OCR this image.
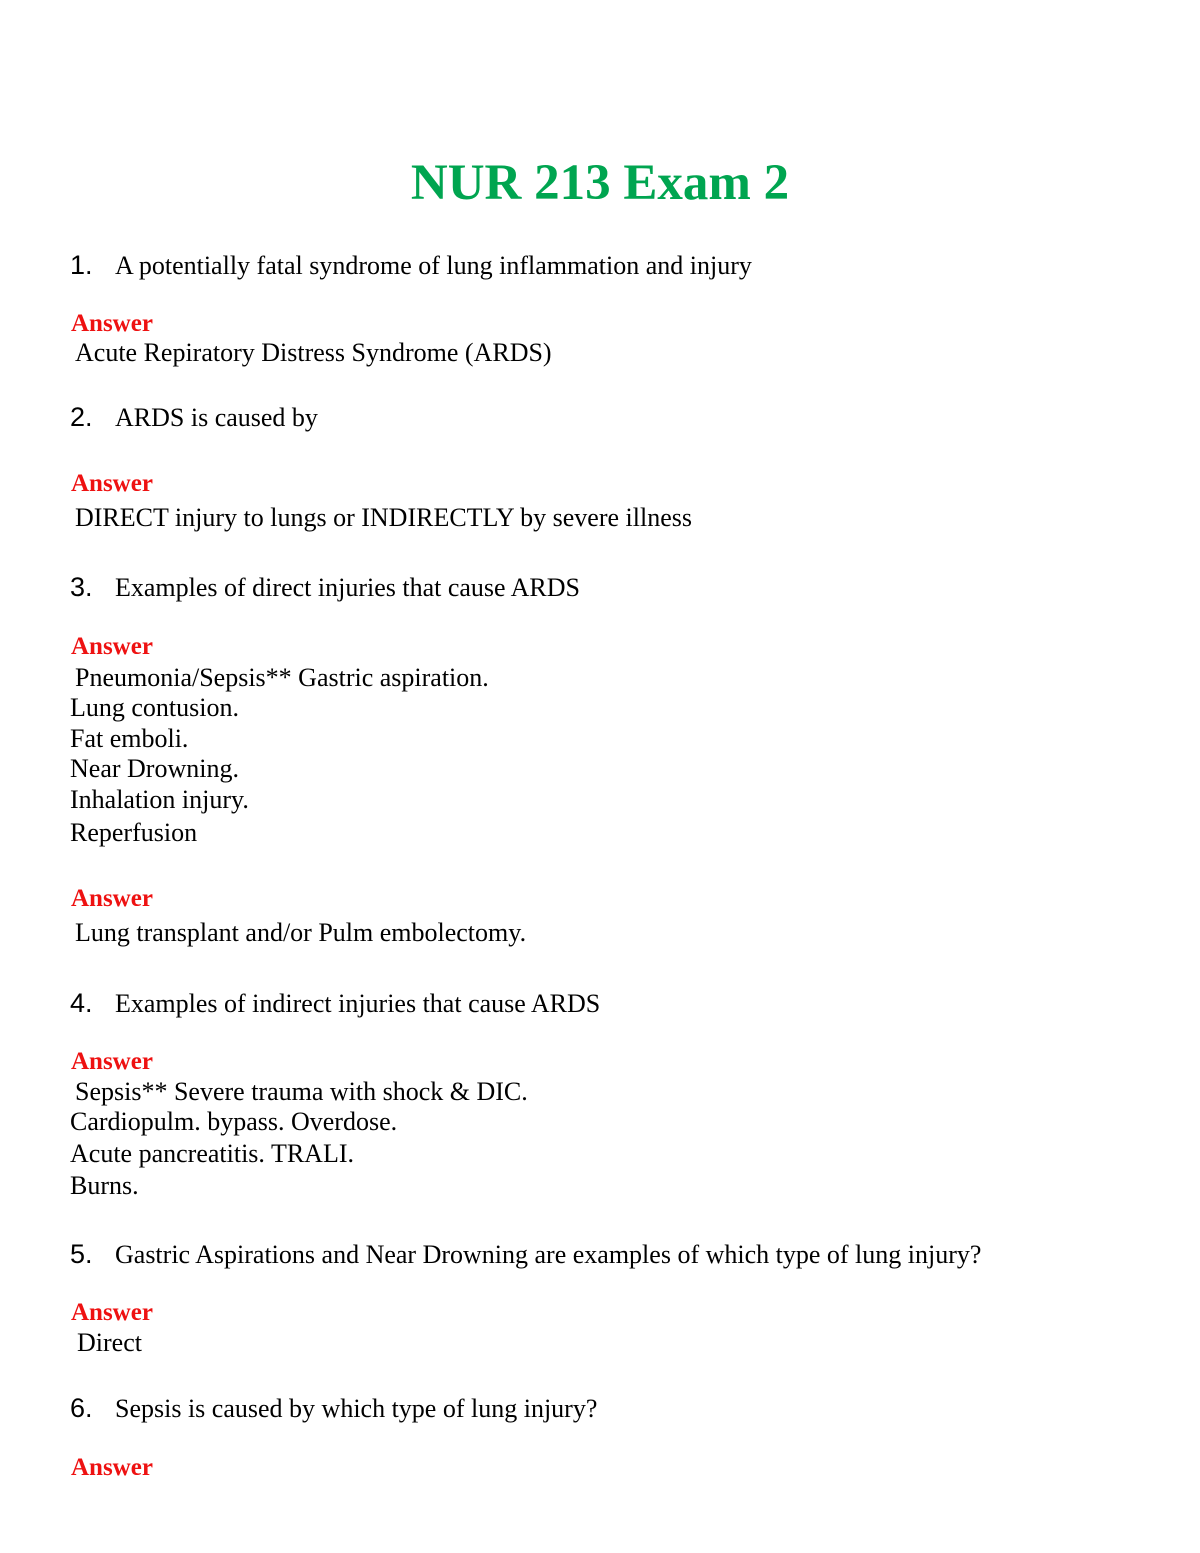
NUR 213 Exam 2
1. A potentially fatal syndrome of lung inflammation and injury
Answer
Acute Repiratory Distress Syndrome (ARDS)
2. ARDS is caused by
Answer
DIRECT injury to lungs or INDIRECTLY by severe illness
3. Examples of direct injuries that cause ARDS
Answer
Pneumonia/Sepsis** Gastric aspiration.
Lung contusion.
Fat emboli.
Near Drowning.
Inhalation injury.
Reperfusion
Answer
Lung transplant and/or Pulm embolectomy.
4. Examples of indirect injuries that cause ARDS
Answer
Sepsis** Severe trauma with shock & DIC.
Cardiopulm. bypass. Overdose.
Acute pancreatitis. TRALI.
Burns.
5. Gastric Aspirations and Near Drowning are examples of which type of lung injury?
Answer
Direct
6. Sepsis is caused by which type of lung injury?
Answer
